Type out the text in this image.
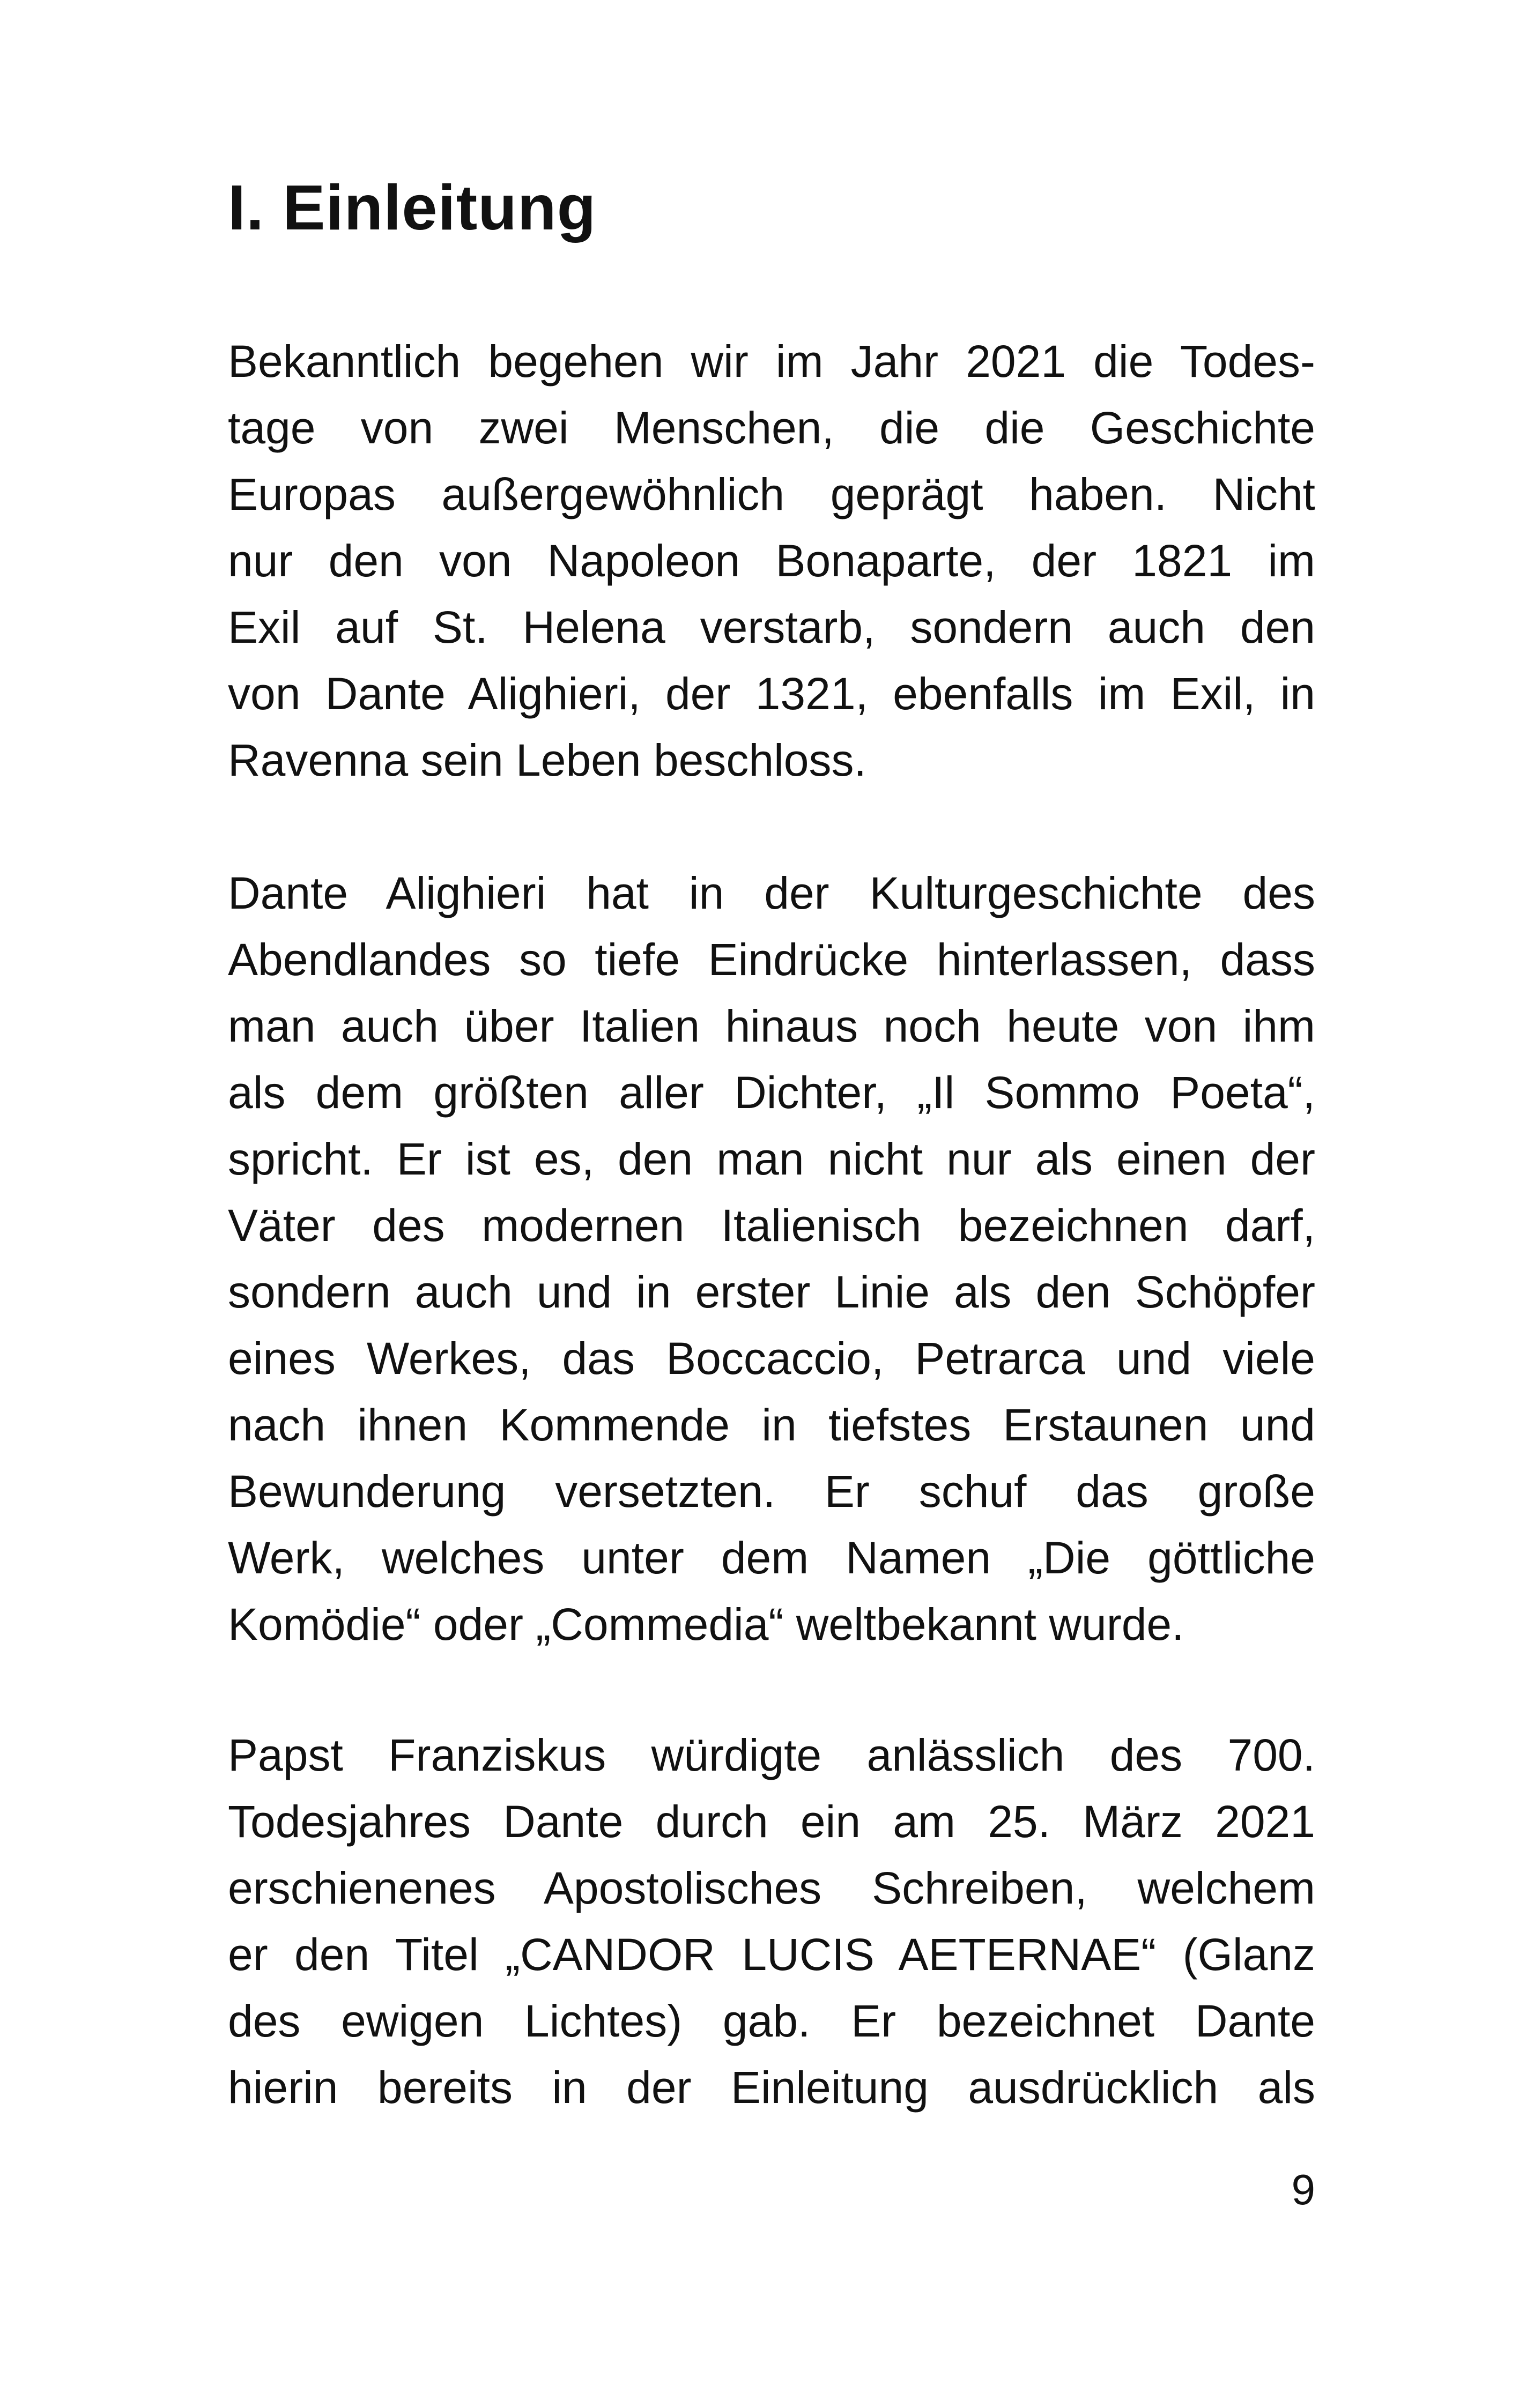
I. Einleitung
Bekanntlich begehen wir im Jahr 2021 die Todes-
tage von zwei Menschen, die die Geschichte
Europas außergewöhnlich geprägt haben. Nicht
nur den von Napoleon Bonaparte, der 1821 im
Exil auf St. Helena verstarb, sondern auch den
von Dante Alighieri, der 1321, ebenfalls im Exil, in
Ravenna sein Leben beschloss.
Dante Alighieri hat in der Kulturgeschichte des
Abendlandes so tiefe Eindrücke hinterlassen, dass
man auch über Italien hinaus noch heute von ihm
als dem größten aller Dichter, „Il Sommo Poeta“,
spricht. Er ist es, den man nicht nur als einen der
Väter des modernen Italienisch bezeichnen darf,
sondern auch und in erster Linie als den Schöpfer
eines Werkes, das Boccaccio, Petrarca und viele
nach ihnen Kommende in tiefstes Erstaunen und
Bewunderung versetzten. Er schuf das große
Werk, welches unter dem Namen „Die göttliche
Komödie“ oder „Commedia“ weltbekannt wurde.
Papst Franziskus würdigte anlässlich des 700.
Todesjahres Dante durch ein am 25. März 2021
erschienenes Apostolisches Schreiben, welchem
er den Titel „CANDOR LUCIS AETERNAE“ (Glanz
des ewigen Lichtes) gab. Er bezeichnet Dante
hierin bereits in der Einleitung ausdrücklich als
9
